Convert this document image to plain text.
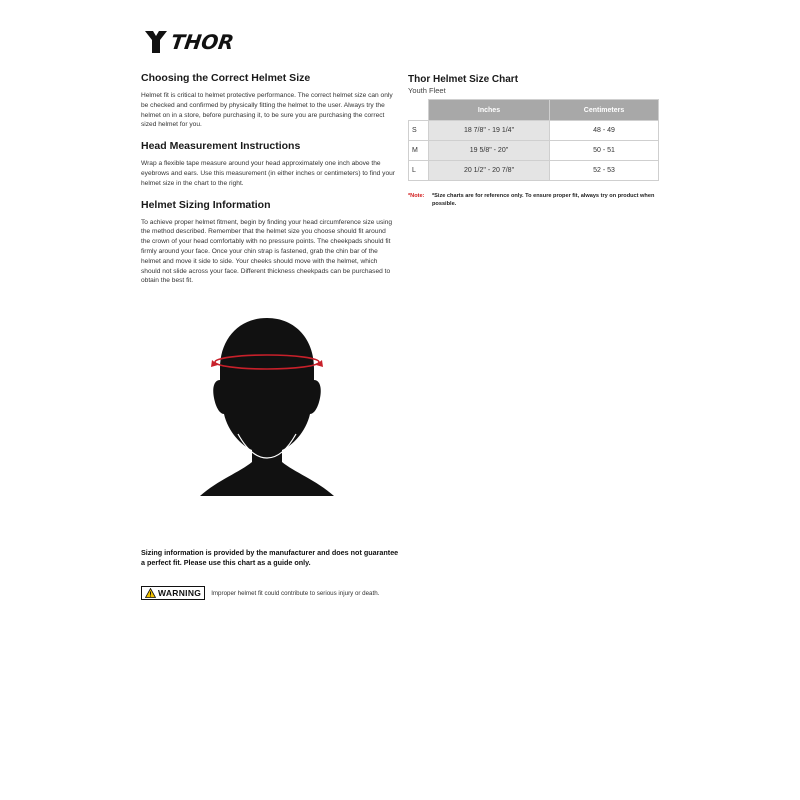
THOR
Choosing the Correct Helmet Size

Helmet fit is critical to helmet protective performance. The correct helmet size can only be checked and confirmed by physically fitting the helmet to the user. Always try the helmet on in a store, before purchasing it, to be sure you are purchasing the correct sized helmet for you.

Head Measurement Instructions

Wrap a flexible tape measure around your head approximately one inch above the eyebrows and ears. Use this measurement (in either inches or centimeters) to find your helmet size in the chart to the right.

Helmet Sizing Information

To achieve proper helmet fitment, begin by finding your head circumference size using the method described. Remember that the helmet size you choose should fit around the crown of your head comfortably with no pressure points. The cheekpads should fit firmly around your face. Once your chin strap is fastened, grab the chin bar of the helmet and move it side to side. Your cheeks should move with the helmet, which should not slide across your face. Different thickness cheekpads can be purchased to obtain the best fit.

Sizing information is provided by the manufacturer and does not guarantee a perfect fit. Please use this chart as a guide only.
WARNING Improper helmet fit could contribute to serious injury or death.
Thor Helmet Size Chart
Youth Fleet
	Inches	Centimeters
S	18 7/8" - 19 1/4"	48 - 49
M	19 5/8" - 20"	50 - 51
L	20 1/2" - 20 7/8"	52 - 53
*Note:	*Size charts are for reference only. To ensure proper fit, always try on product when possible.
